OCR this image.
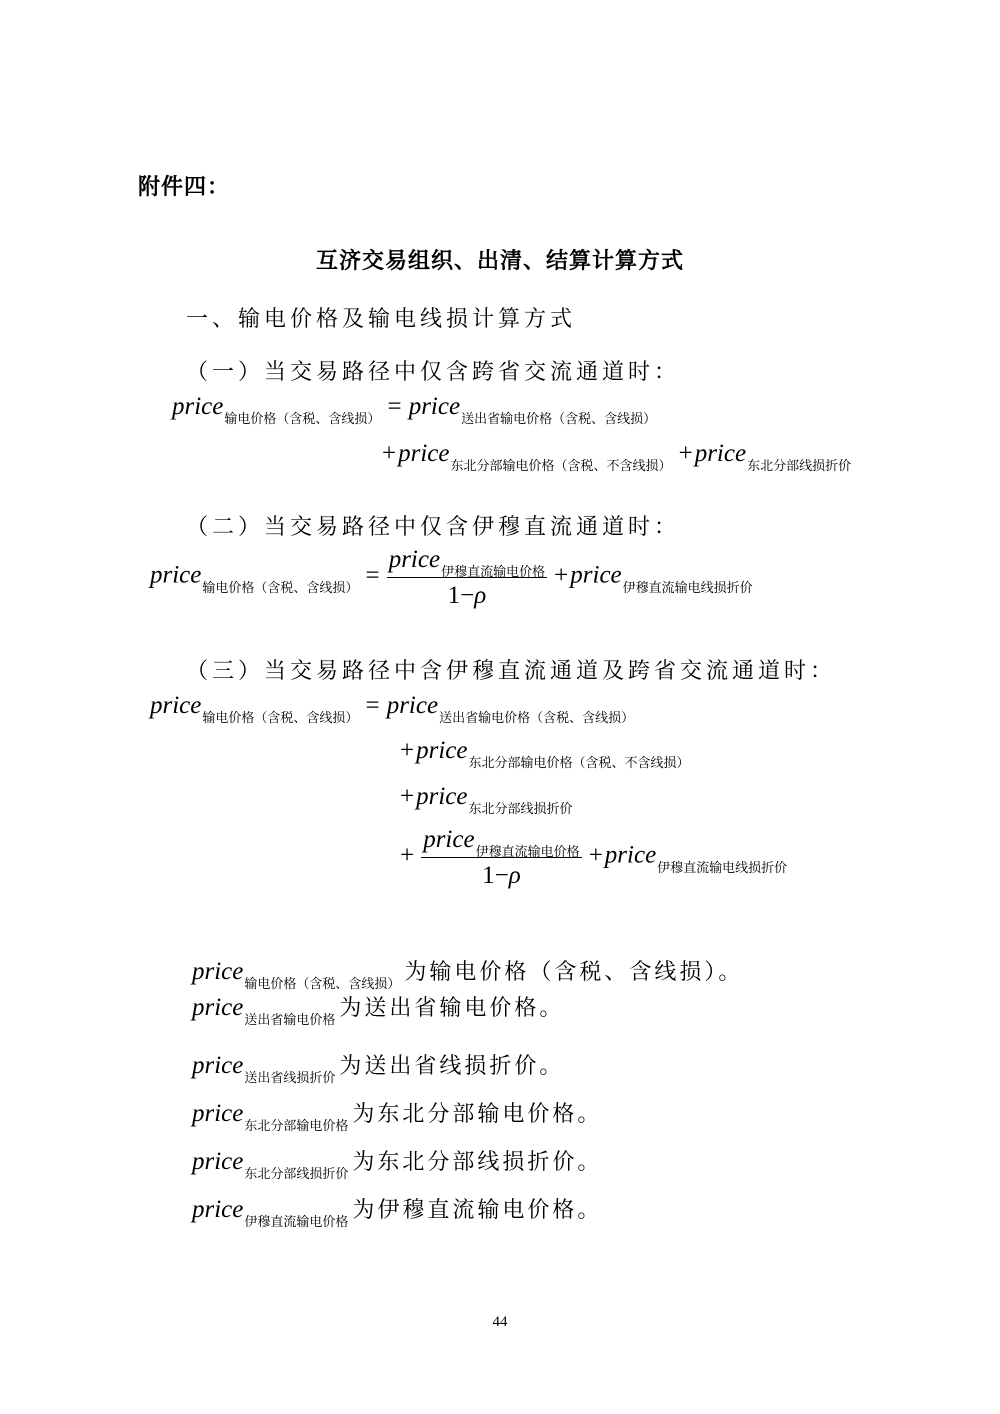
附件四：
互济交易组织、出清、结算计算方式
一、输电价格及输电线损计算方式
（一）当交易路径中仅含跨省交流通道时：
price$_{输电价格(含税、含线损)}$ = price$_{送出省输电价格(含税、含线损)}$
+price$_{东北分部输电价格(含税、不含线损)}$ +price$_{东北分部线损折价}$
（二）当交易路径中仅含伊穆直流通道时：
price$_{输电价格(含税、含线损)}$ = $\frac{price_{伊穆直流输电价格}}{1-\rho}$ +price$_{伊穆直流输电线损折价}$
（三）当交易路径中含伊穆直流通道及跨省交流通道时：
price$_{输电价格(含税、含线损)}$ = price$_{送出省输电价格(含税、含线损)}$
+price$_{东北分部输电价格(含税、不含线损)}$
+price$_{东北分部线损折价}$
+ $\frac{price_{伊穆直流输电价格}}{1-\rho}$ +price$_{伊穆直流输电线损折价}$
price$_{输电价格(含税、含线损)}$ 为输电价格（含税、含线损）。
price$_{送出省输电价格}$ 为送出省输电价格。
price$_{送出省线损折价}$ 为送出省线损折价。
price$_{东北分部输电价格}$ 为东北分部输电价格。
price$_{东北分部线损折价}$ 为东北分部线损折价。
price$_{伊穆直流输电价格}$ 为伊穆直流输电价格。
44
